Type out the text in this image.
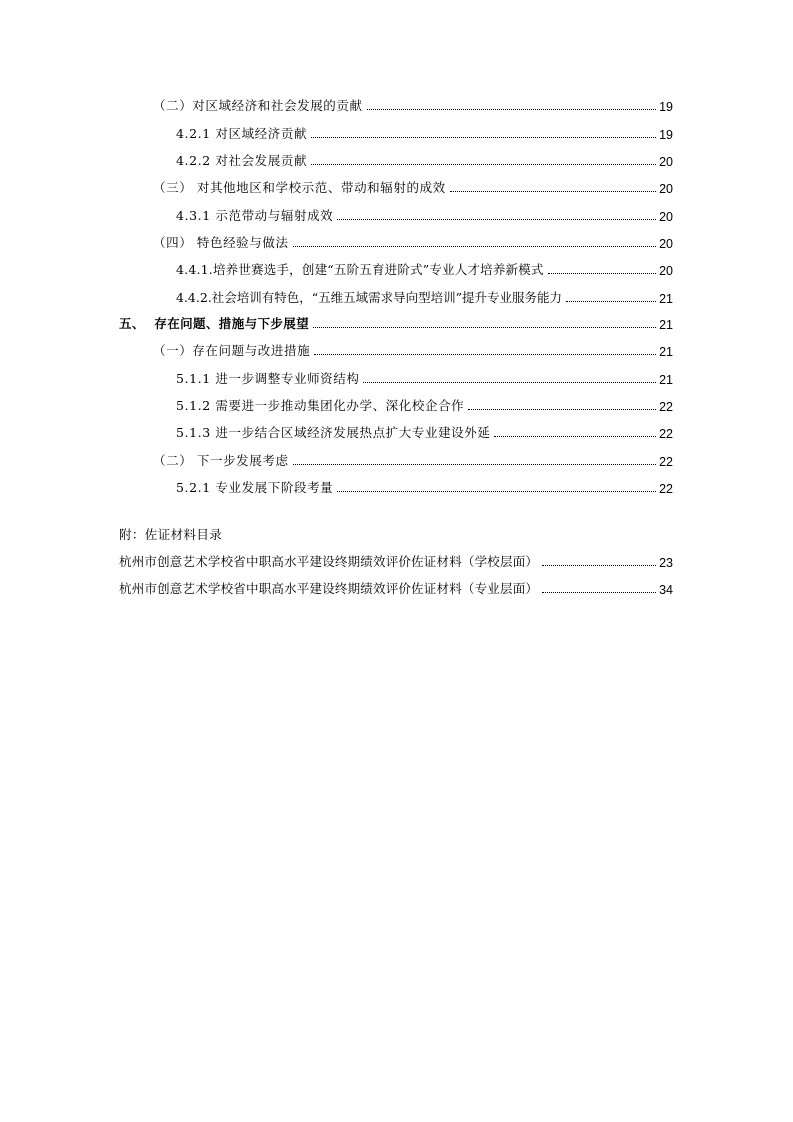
（二）对区域经济和社会发展的贡献	19
4.2.1 对区域经济贡献	19
4.2.2 对社会发展贡献	20
（三） 对其他地区和学校示范、带动和辐射的成效	20
4.3.1 示范带动与辐射成效	20
（四） 特色经验与做法	20
4.4.1.培养世赛选手，创建“五阶五育进阶式”专业人才培养新模式	20
4.4.2.社会培训有特色，“五维五域需求导向型培训”提升专业服务能力	21
五、  存在问题、措施与下步展望	21
（一）存在问题与改进措施	21
5.1.1 进一步调整专业师资结构	21
5.1.2 需要进一步推动集团化办学、深化校企合作	22
5.1.3 进一步结合区域经济发展热点扩大专业建设外延	22
（二） 下一步发展考虑	22
5.2.1 专业发展下阶段考量	22
附：佐证材料目录
杭州市创意艺术学校省中职高水平建设终期绩效评价佐证材料（学校层面）	23
杭州市创意艺术学校省中职高水平建设终期绩效评价佐证材料（专业层面）	34
